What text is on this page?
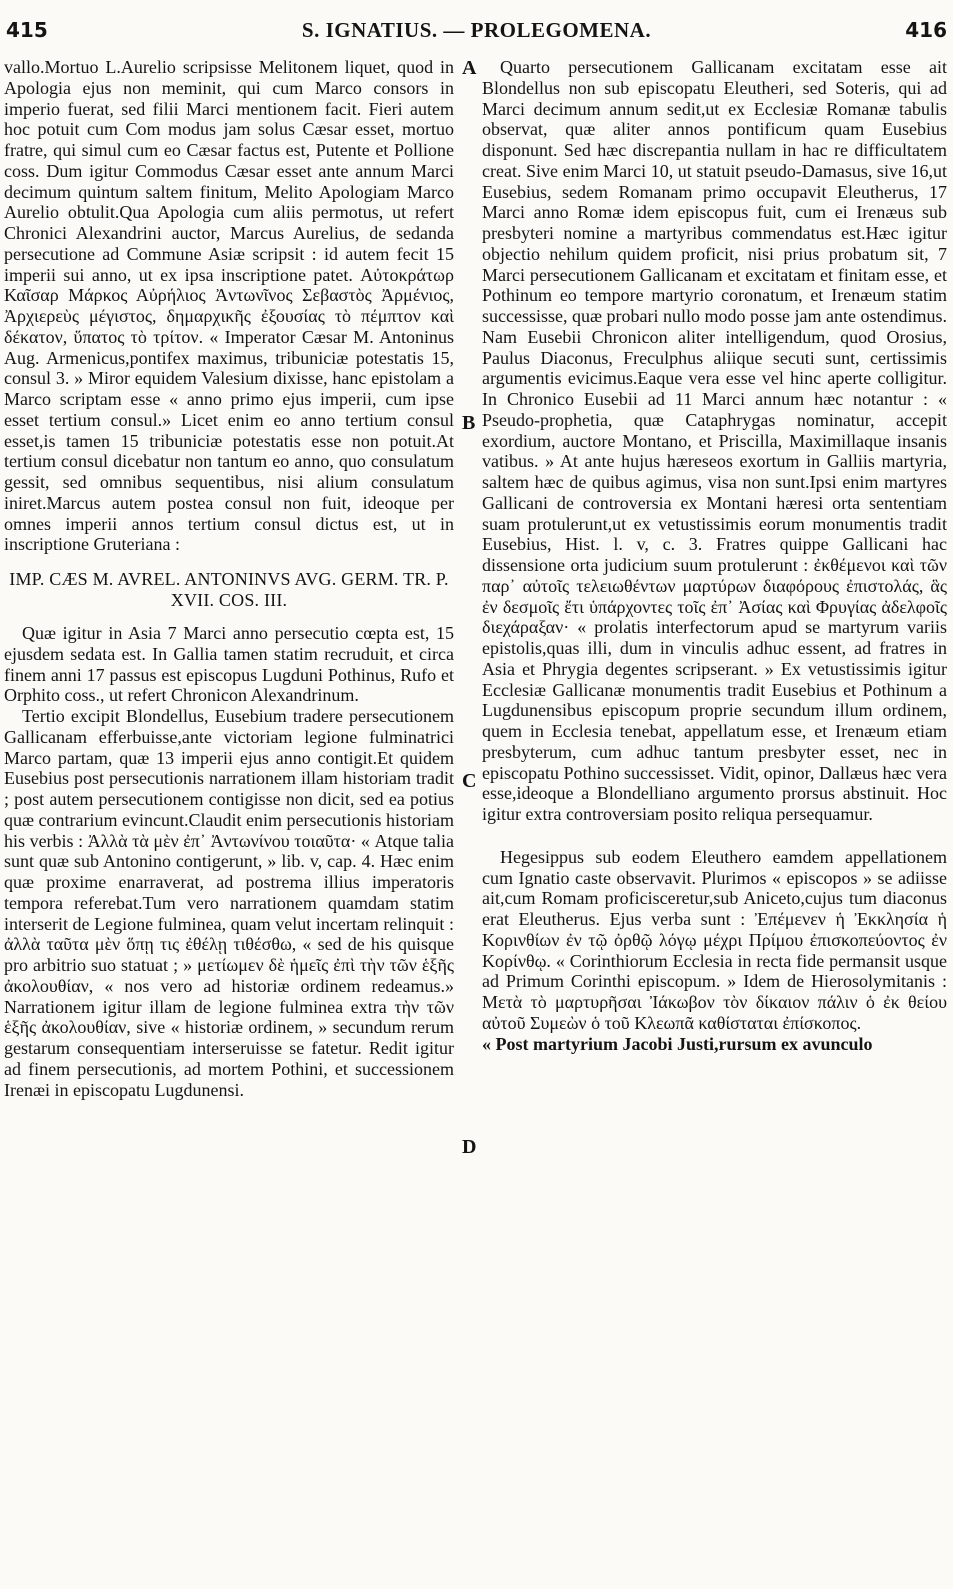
415	S. IGNATIUS. — PROLEGOMENA.	416
A
B
C
D

vallo.Mortuo L.Aurelio scripsisse Melitonem liquet, quod in Apologia ejus non meminit, qui cum Marco consors in imperio fuerat, sed filii Marci mentionem facit. Fieri autem hoc potuit cum Com modus jam solus Cæsar esset, mortuo fratre, qui simul cum eo Cæsar factus est, Putente et Pollione coss. Dum igitur Commodus Cæsar esset ante annum Marci decimum quintum saltem finitum, Melito Apologiam Marco Aurelio obtulit.Qua Apologia cum aliis permotus, ut refert Chronici Alexandrini auctor, Marcus Aurelius, de sedanda persecutione ad Commune Asiæ scripsit : id autem fecit 15 imperii sui anno, ut ex ipsa inscriptione patet. Αὐτοκράτωρ Καῖσαρ Μάρκος Αὐρήλιος Ἀντωνῖνος Σεβαστὸς Ἀρμένιος, Ἀρχιερεὺς μέγιστος, δημαρχικῆς ἐξουσίας τὸ πέμπτον καὶ δέκατον, ὕπατος τὸ τρίτον. « Imperator Cæsar M. Antoninus Aug. Armenicus,pontifex maximus, tribuniciæ potestatis 15, consul 3. » Miror equidem Valesium dixisse, hanc epistolam a Marco scriptam esse « anno primo ejus imperii, cum ipse esset tertium consul.» Licet enim eo anno tertium consul esset,is tamen 15 tribuniciæ potestatis esse non potuit.At tertium consul dicebatur non tantum eo anno, quo consulatum gessit, sed omnibus sequentibus, nisi alium consulatum iniret.Marcus autem postea consul non fuit, ideoque per omnes imperii annos tertium consul dictus est, ut in inscriptione Gruteriana :

IMP. CÆS M. AVREL. ANTONINVS AVG. GERM. TR. P. XVII. COS. III.

Quæ igitur in Asia 7 Marci anno persecutio cœpta est, 15 ejusdem sedata est. In Gallia tamen statim recruduit, et circa finem anni 17 passus est episcopus Lugduni Pothinus, Rufo et Orphito coss., ut refert Chronicon Alexandrinum.

Tertio excipit Blondellus, Eusebium tradere persecutionem Gallicanam efferbuisse,ante victoriam legione fulminatrici Marco partam, quæ 13 imperii ejus anno contigit.Et quidem Eusebius post persecutionis narrationem illam historiam tradit ; post autem persecutionem contigisse non dicit, sed ea potius quæ contrarium evincunt.Claudit enim persecutionis historiam his verbis : Ἀλλὰ τὰ μὲν ἐπ᾽ Ἀντωνίνου τοιαῦτα· « Atque talia sunt quæ sub Antonino contigerunt, » lib. v, cap. 4. Hæc enim quæ proxime enarraverat, ad postrema illius imperatoris tempora referebat.Tum vero narrationem quamdam statim interserit de Legione fulminea, quam velut incertam relinquit : ἀλλὰ ταῦτα μὲν ὅπῃ τις ἐθέλῃ τιθέσθω, « sed de his quisque pro arbitrio suo statuat ; » μετίωμεν δὲ ἡμεῖς ἐπὶ τὴν τῶν ἑξῆς ἀκολουθίαν, « nos vero ad historiæ ordinem redeamus.» Narrationem igitur illam de legione fulminea extra τὴν τῶν ἑξῆς ἀκολουθίαν, sive « historiæ ordinem, » secundum rerum gestarum consequentiam interseruisse se fatetur. Redit igitur ad finem persecutionis, ad mortem Pothini, et successionem Irenæi in episcopatu Lugdunensi.

Quarto persecutionem Gallicanam excitatam esse ait Blondellus non sub episcopatu Eleutheri, sed Soteris, qui ad Marci decimum annum sedit,ut ex Ecclesiæ Romanæ tabulis observat, quæ aliter annos pontificum quam Eusebius disponunt. Sed hæc discrepantia nullam in hac re difficultatem creat. Sive enim Marci 10, ut statuit pseudo-Damasus, sive 16,ut Eusebius, sedem Romanam primo occupavit Eleutherus, 17 Marci anno Romæ idem episcopus fuit, cum ei Irenæus sub presbyteri nomine a martyribus commendatus est.Hæc igitur objectio nehilum quidem proficit, nisi prius probatum sit, 7 Marci persecutionem Gallicanam et excitatam et finitam esse, et Pothinum eo tempore martyrio coronatum, et Irenæum statim successisse, quæ probari nullo modo posse jam ante ostendimus. Nam Eusebii Chronicon aliter intelligendum, quod Orosius, Paulus Diaconus, Freculphus aliique secuti sunt, certissimis argumentis evicimus.Eaque vera esse vel hinc aperte colligitur. In Chronico Eusebii ad 11 Marci annum hæc notantur : « Pseudo-prophetia, quæ Cataphrygas nominatur, accepit exordium, auctore Montano, et Priscilla, Maximillaque insanis vatibus. » At ante hujus hæreseos exortum in Galliis martyria, saltem hæc de quibus agimus, visa non sunt.Ipsi enim martyres Gallicani de controversia ex Montani hæresi orta sententiam suam protulerunt,ut ex vetustissimis eorum monumentis tradit Eusebius, Hist. l. v, c. 3. Fratres quippe Gallicani hac dissensione orta judicium suum protulerunt : ἐκθέμενοι καὶ τῶν παρ᾽ αὐτοῖς τελειωθέντων μαρτύρων διαφόρους ἐπιστολάς, ἃς ἐν δεσμοῖς ἔτι ὑπάρχοντες τοῖς ἐπ᾽ Ἀσίας καὶ Φρυγίας ἀδελφοῖς διεχάραξαν· « prolatis interfectorum apud se martyrum variis epistolis,quas illi, dum in vinculis adhuc essent, ad fratres in Asia et Phrygia degentes scripserant. » Ex vetustissimis igitur Ecclesiæ Gallicanæ monumentis tradit Eusebius et Pothinum a Lugdunensibus episcopum proprie secundum illum ordinem, quem in Ecclesia tenebat, appellatum esse, et Irenæum etiam presbyterum, cum adhuc tantum presbyter esset, nec in episcopatu Pothino successisset. Vidit, opinor, Dallæus hæc vera esse,ideoque a Blondelliano argumento prorsus abstinuit. Hoc igitur extra controversiam posito reliqua persequamur.

Hegesippus sub eodem Eleuthero eamdem appellationem cum Ignatio caste observavit. Plurimos « episcopos » se adiisse ait,cum Romam proficisceretur,sub Aniceto,cujus tum diaconus erat Eleutherus. Ejus verba sunt : Ἐπέμενεν ἡ Ἐκκλησία ἡ Κορινθίων ἐν τῷ ὀρθῷ λόγῳ μέχρι Πρίμου ἐπισκοπεύοντος ἐν Κορίνθῳ. « Corinthiorum Ecclesia in recta fide permansit usque ad Primum Corinthi episcopum. » Idem de Hierosolymitanis : Μετὰ τὸ μαρτυρῆσαι Ἰάκωβον τὸν δίκαιον πάλιν ὁ ἐκ θείου αὐτοῦ Συμεὼν ὁ τοῦ Κλεωπᾶ καθίσταται ἐπίσκοπος.

« Post martyrium Jacobi Justi,rursum ex avunculo
